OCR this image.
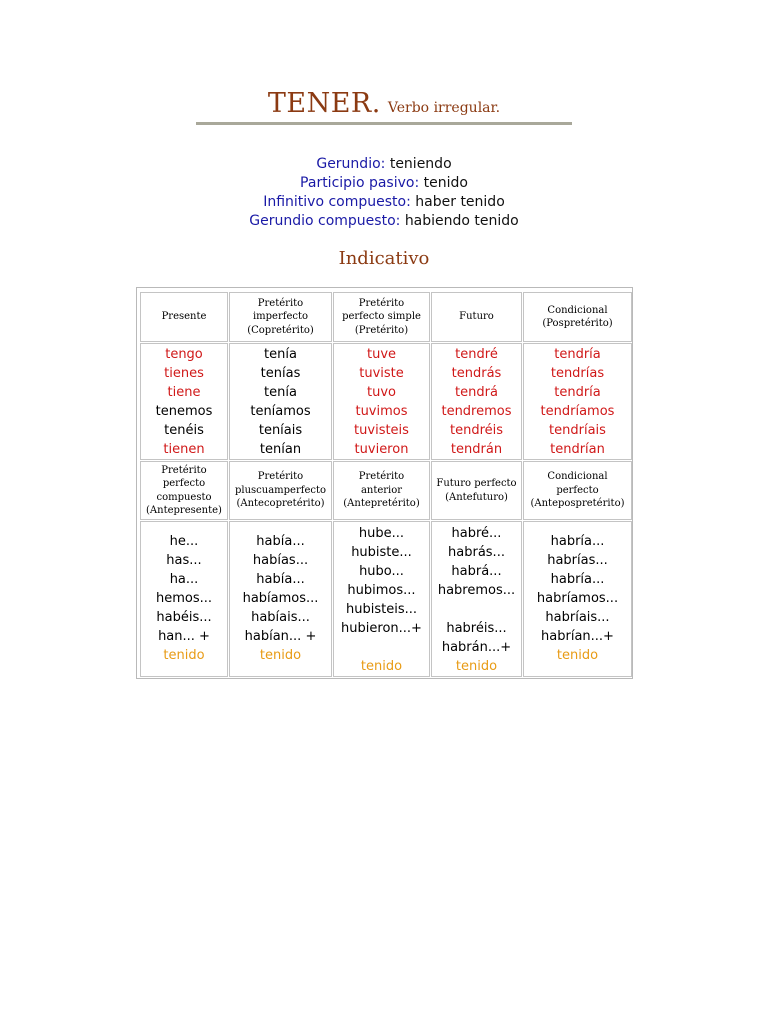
TENER. Verbo irregular.
Gerundio: teniendo
Participio pasivo: tenido
Infinitivo compuesto: haber tenido
Gerundio compuesto: habiendo tenido
Indicativo
Presente
Pretérito
imperfecto
(Copretérito)
Pretérito
perfecto simple
(Pretérito)
Futuro
Condicional
(Pospretérito)
tengo
tienes
tiene
tenemos
tenéis
tienen
tenía
tenías
tenía
teníamos
teníais
tenían
tuve
tuviste
tuvo
tuvimos
tuvisteis
tuvieron
tendré
tendrás
tendrá
tendremos
tendréis
tendrán
tendría
tendrías
tendría
tendríamos
tendríais
tendrían
Pretérito
perfecto
compuesto
(Antepresente)
Pretérito
pluscuamperfecto
(Antecopretérito)
Pretérito
anterior
(Antepretérito)
Futuro perfecto
(Antefuturo)
Condicional
perfecto
(Antepospretérito)
he...
has...
ha...
hemos...
habéis...
han... +
tenido
había...
habías...
había...
habíamos...
habíais...
habían... +
tenido
hube...
hubiste...
hubo...
hubimos...
hubisteis...
hubieron...+
tenido
habré...
habrás...
habrá...
habremos...
habréis...
habrán...+
tenido
habría...
habrías...
habría...
habríamos...
habríais...
habrían...+
tenido
